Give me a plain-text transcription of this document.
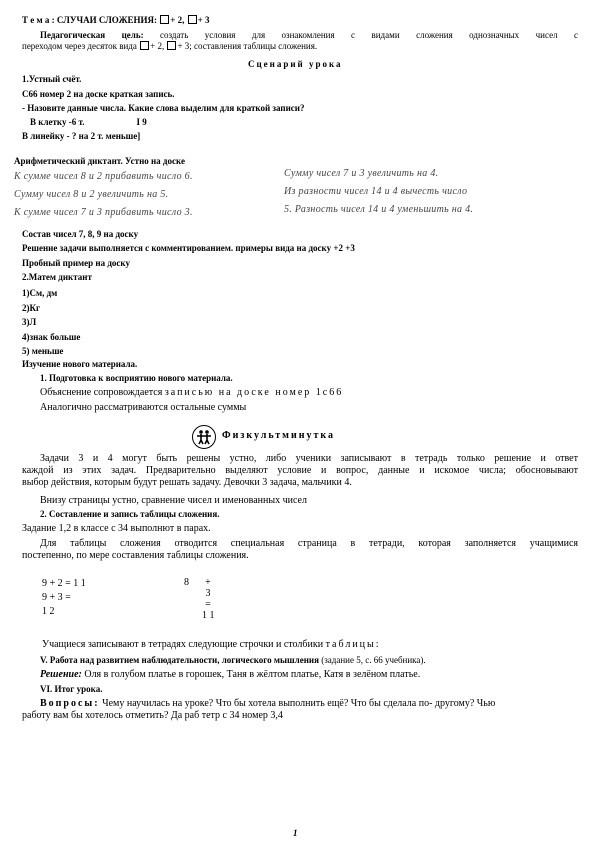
Т е м а : СЛУЧАИ СЛОЖЕНИЯ: + 2, + 3
Педагогическая цель: создать условия для ознакомления с видами сложения однозначных чисел с
переходом через десяток вида + 2, + 3; составления таблицы сложения.
Сценарий урока
1.Устный счёт.
С66 номер 2 на доске краткая запись.
- Назовите данные числа. Какие слова выделим для краткой записи?
В клетку -6 т.	I 9
В линейку - ? на 2 т. меньше]
Арифметический диктант. Устно на доске
К сумме чисел 8 и 2 прибавить число 6.
Сумму чисел 8 и 2 увеличить на 5.
К сумме чисел 7 и 3 прибавить число 3.
Сумму чисел 7 и 3 увеличить на 4.
Из разности чисел 14 и 4 вычесть число
5. Разность чисел 14 и 4 уменьшить на 4.
Состав чисел 7, 8, 9 на доску
Решение задачи выполняется с комментированием. примеры вида на доску +2 +3
Пробный пример на доску
2.Матем диктант
1)См, дм
2)Кг
3)Л
4)знак больше
5) меньше
Изучение нового материала.
1. Подготовка к восприятию нового материала.
Объяснение сопровождается записью на доске номер 1с66
Аналогично рассматриваются остальные суммы
Физкультминутка
Задачи 3 и 4 могут быть решены устно, либо ученики записывают в тетрадь только решение и ответ
каждой из этих задач. Предварительно выделяют условие и вопрос, данные и искомое числа; обосновывают
выбор действия, которым будут решать задачу. Девочки 3 задача, мальчики 4.
Внизу страницы устно, сравнение чисел и именованных чисел
2. Составление и запись таблицы сложения.
Задание 1,2 в классе с 34 выполнют в парах.
Для таблицы сложения отводится специальная страница в тетради, которая заполняется учащимися
постепенно, по мере составления таблицы сложения.
9 + 2 = 1 1
9 + 3 =
1 2
8	+
3
=
1 1
Учащиеся записывают в тетрадях следующие строчки и столбики таблицы:
V. Работа над развитием наблюдательности, логического мышления (задание 5, с. 66 учебника).
Решение: Оля в голубом платье в горошек, Таня в жёлтом платье, Катя в зелёном платье.
VI. Итог урока.
Вопросы: Чему научилась на уроке? Что бы хотела выполнить ещё? Что бы сделала по- другому? Чью
работу вам бы хотелось отметить? Да раб тетр с 34 номер 3,4
1
